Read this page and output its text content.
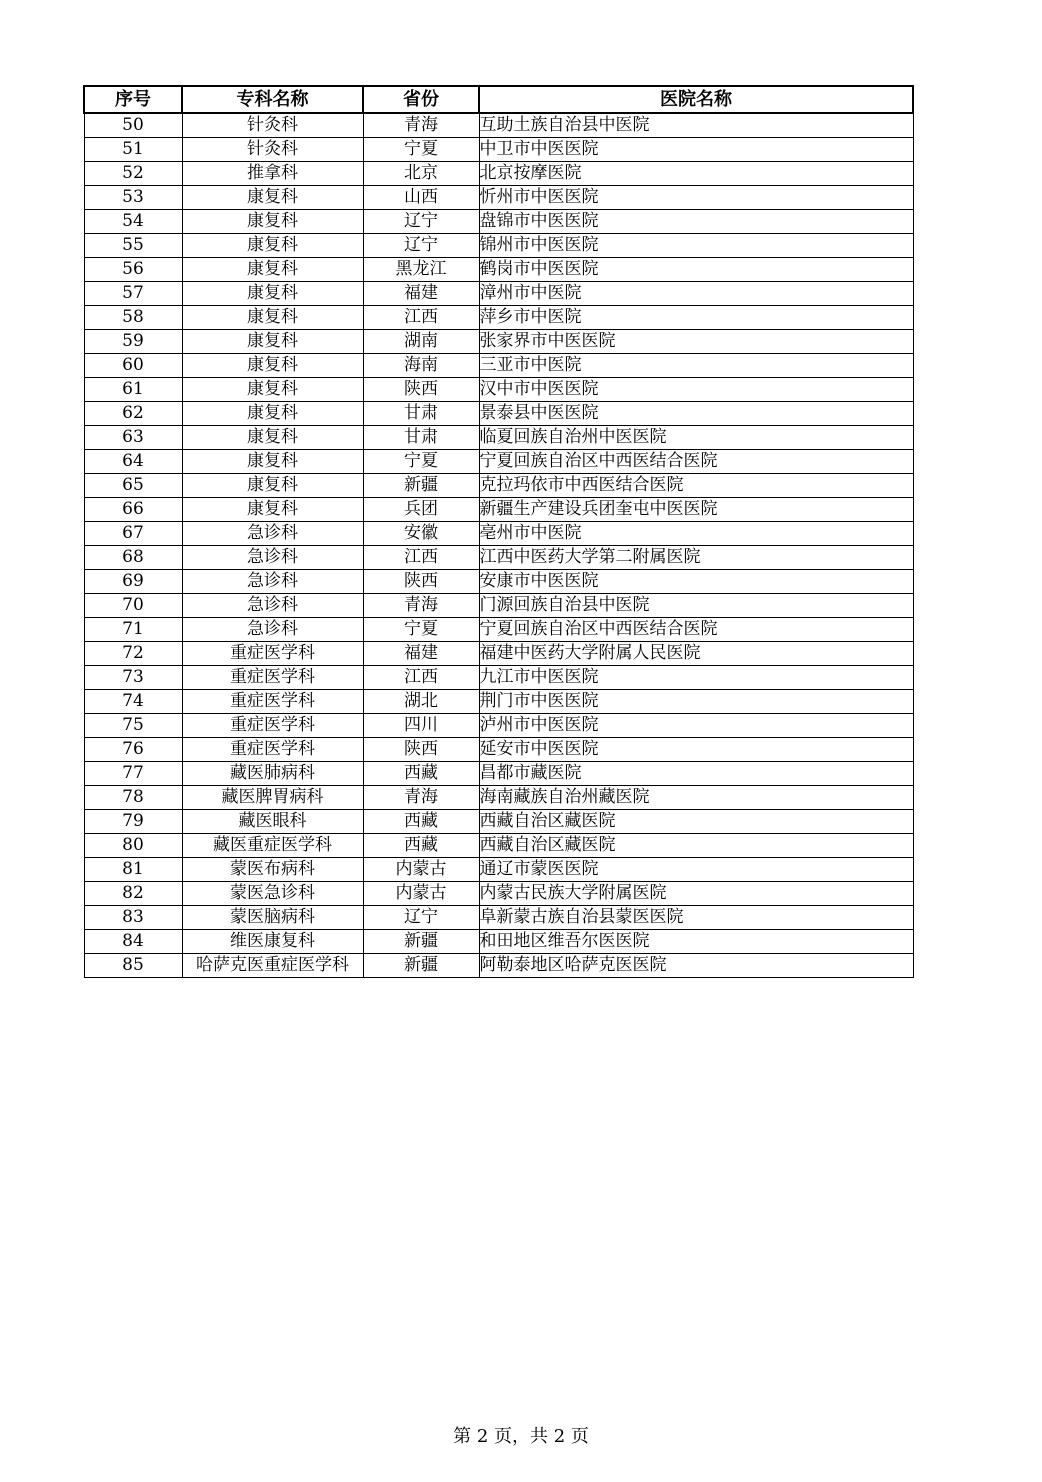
序号	专科名称	省份	医院名称
50	针灸科	青海	互助土族自治县中医院
51	针灸科	宁夏	中卫市中医医院
52	推拿科	北京	北京按摩医院
53	康复科	山西	忻州市中医医院
54	康复科	辽宁	盘锦市中医医院
55	康复科	辽宁	锦州市中医医院
56	康复科	黑龙江	鹤岗市中医医院
57	康复科	福建	漳州市中医院
58	康复科	江西	萍乡市中医院
59	康复科	湖南	张家界市中医医院
60	康复科	海南	三亚市中医院
61	康复科	陕西	汉中市中医医院
62	康复科	甘肃	景泰县中医医院
63	康复科	甘肃	临夏回族自治州中医医院
64	康复科	宁夏	宁夏回族自治区中西医结合医院
65	康复科	新疆	克拉玛依市中西医结合医院
66	康复科	兵团	新疆生产建设兵团奎屯中医医院
67	急诊科	安徽	亳州市中医院
68	急诊科	江西	江西中医药大学第二附属医院
69	急诊科	陕西	安康市中医医院
70	急诊科	青海	门源回族自治县中医院
71	急诊科	宁夏	宁夏回族自治区中西医结合医院
72	重症医学科	福建	福建中医药大学附属人民医院
73	重症医学科	江西	九江市中医医院
74	重症医学科	湖北	荆门市中医医院
75	重症医学科	四川	泸州市中医医院
76	重症医学科	陕西	延安市中医医院
77	藏医肺病科	西藏	昌都市藏医院
78	藏医脾胃病科	青海	海南藏族自治州藏医院
79	藏医眼科	西藏	西藏自治区藏医院
80	藏医重症医学科	西藏	西藏自治区藏医院
81	蒙医布病科	内蒙古	通辽市蒙医医院
82	蒙医急诊科	内蒙古	内蒙古民族大学附属医院
83	蒙医脑病科	辽宁	阜新蒙古族自治县蒙医医院
84	维医康复科	新疆	和田地区维吾尔医医院
85	哈萨克医重症医学科	新疆	阿勒泰地区哈萨克医医院
第 2 页，共 2 页
